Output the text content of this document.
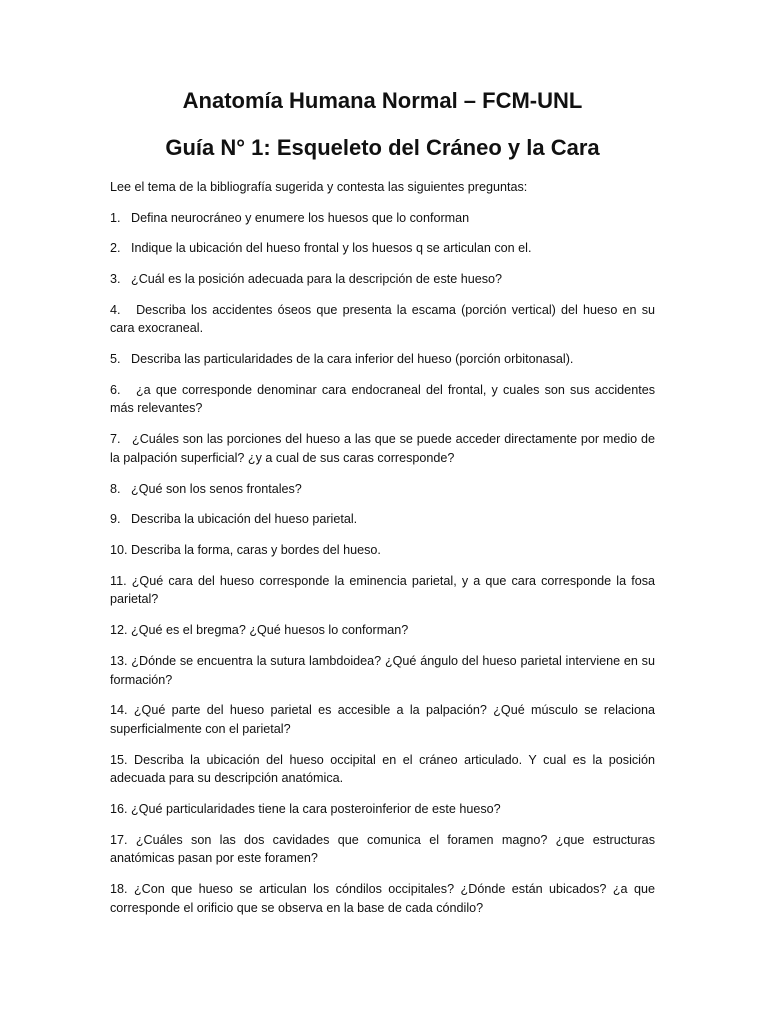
Anatomía Humana Normal – FCM-UNL
Guía N° 1: Esqueleto del Cráneo y la Cara

Lee el tema de la bibliografía sugerida y contesta las siguientes preguntas:

1.   Defina neurocráneo y enumere los huesos que lo conforman
2.   Indique la ubicación del hueso frontal y los huesos q se articulan con el.
3.   ¿Cuál es la posición adecuada para la descripción de este hueso?
4.   Describa los accidentes óseos que presenta la escama (porción vertical) del hueso en su cara exocraneal.
5.   Describa las particularidades de la cara inferior del hueso (porción orbitonasal).
6.   ¿a que corresponde denominar cara endocraneal del frontal, y cuales son sus accidentes más relevantes?
7.   ¿Cuáles son las porciones del hueso a las que se puede acceder directamente por medio de la palpación superficial? ¿y a cual de sus caras corresponde?
8.   ¿Qué son los senos frontales?
9.   Describa la ubicación del hueso parietal.
10. Describa la forma, caras y bordes del hueso.
11. ¿Qué cara del hueso corresponde la eminencia parietal, y a que cara corresponde la fosa parietal?
12. ¿Qué es el bregma? ¿Qué huesos lo conforman?
13. ¿Dónde se encuentra la sutura lambdoidea? ¿Qué ángulo del hueso parietal interviene en su formación?
14. ¿Qué parte del hueso parietal es accesible a la palpación? ¿Qué músculo se relaciona superficialmente con el parietal?
15. Describa la ubicación del hueso occipital en el cráneo articulado. Y cual es la posición adecuada para su descripción anatómica.
16. ¿Qué particularidades tiene la cara posteroinferior de este hueso?
17. ¿Cuáles son las dos cavidades que comunica el foramen magno? ¿que estructuras anatómicas pasan por este foramen?
18. ¿Con que hueso se articulan los cóndilos occipitales? ¿Dónde están ubicados? ¿a que corresponde el orificio que se observa en la base de cada cóndilo?
